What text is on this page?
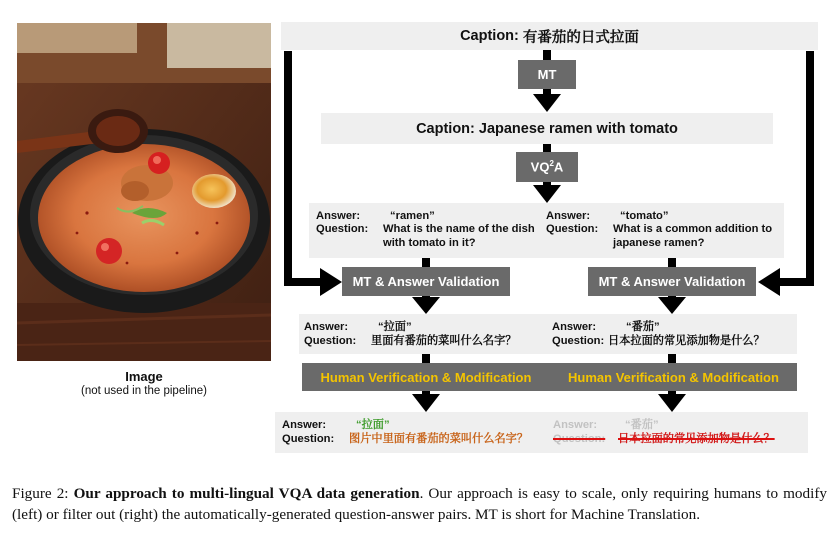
Image
(not used in the pipeline)
Caption: 有番茄的日式拉面
MT
Caption: Japanese ramen with tomato
$VQ^2A$
Answer:
Question:
“ramen”
What is the name of the dish
with tomato in it?
Answer:
Question:
“tomato”
What is a common addition to
japanese ramen?
MT & Answer Validation	MT & Answer Validation
Answer:
Question:
“拉面”
里面有番茄的菜叫什么名字？
Answer:
Question:
“番茄”
日本拉面的常见添加物是什么？
Human Verification & Modification	Human Verification & Modification
Answer:
Question:
“拉面”
图片中里面有番茄的菜叫什么名字？
Answer:
Question:
“番茄”
日本拉面的常见添加物是什么？
Figure 2: Our approach to multi-lingual VQA data generation. Our approach is easy to scale, only requiring humans to modify (left) or filter out (right) the automatically-generated question-answer pairs. MT is short for Machine Translation.
